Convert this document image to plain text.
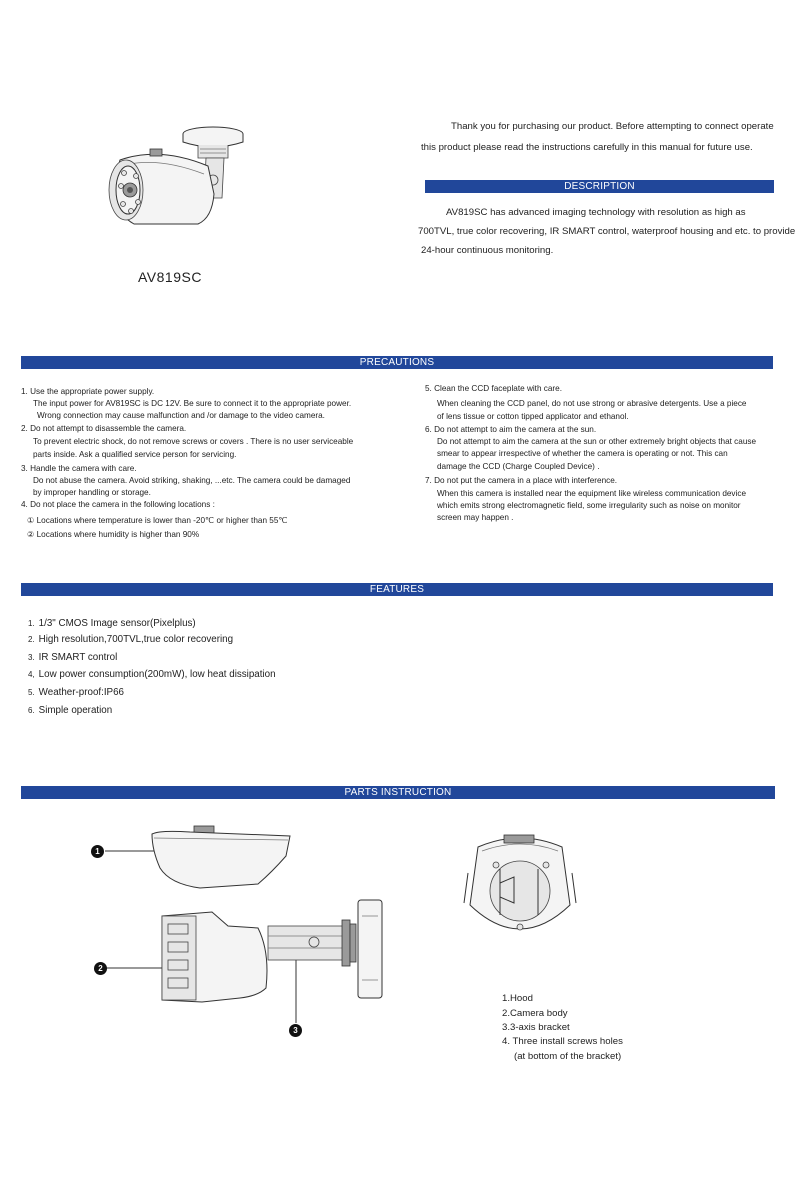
AV819SC
Thank you for purchasing our product. Before attempting to connect operate
this product please read the instructions carefully in this manual for future use.
DESCRIPTION
AV819SC has advanced imaging technology with resolution as high as
700TVL, true color recovering, IR SMART control, waterproof housing and etc. to provide
24-hour continuous monitoring.
PRECAUTIONS
1. Use the appropriate power supply.
The input power for AV819SC is DC 12V. Be sure to connect it to the appropriate power.
Wrong connection may cause malfunction and /or damage to the video camera.
2. Do not attempt to disassemble the camera.
To prevent electric shock, do not remove screws or covers . There is no user serviceable
parts inside. Ask a qualified service person for servicing.
3. Handle the camera with care.
Do not abuse the camera. Avoid striking, shaking, ...etc. The camera could be damaged
by improper handling or storage.
4. Do not place the camera in the following locations :
① Locations where temperature is lower than -20℃ or higher than 55℃
② Locations where humidity is higher than 90%
5. Clean the CCD faceplate with care.
When cleaning the CCD panel, do not use strong or abrasive detergents. Use a piece
of lens tissue or cotton tipped applicator and ethanol.
6. Do not attempt to aim the camera at the sun.
Do not attempt to aim the camera at the sun or other extremely bright objects that cause
smear to appear irrespective of whether the camera is operating or not. This can
damage the CCD (Charge Coupled Device) .
7. Do not put the camera in a place with interference.
When this camera is installed near the equipment like wireless communication device
which emits strong electromagnetic field, some irregularity such as noise on monitor
screen may happen .
FEATURES
1. 1/3" CMOS Image sensor(Pixelplus)
2. High resolution,700TVL,true color recovering
3. IR SMART control
4, Low power consumption(200mW), low heat dissipation
5. Weather-proof:IP66
6. Simple operation
PARTS INSTRUCTION
1
2
3
1.Hood
2.Camera body
3.3-axis bracket
4. Three install screws holes
(at bottom of the bracket)
